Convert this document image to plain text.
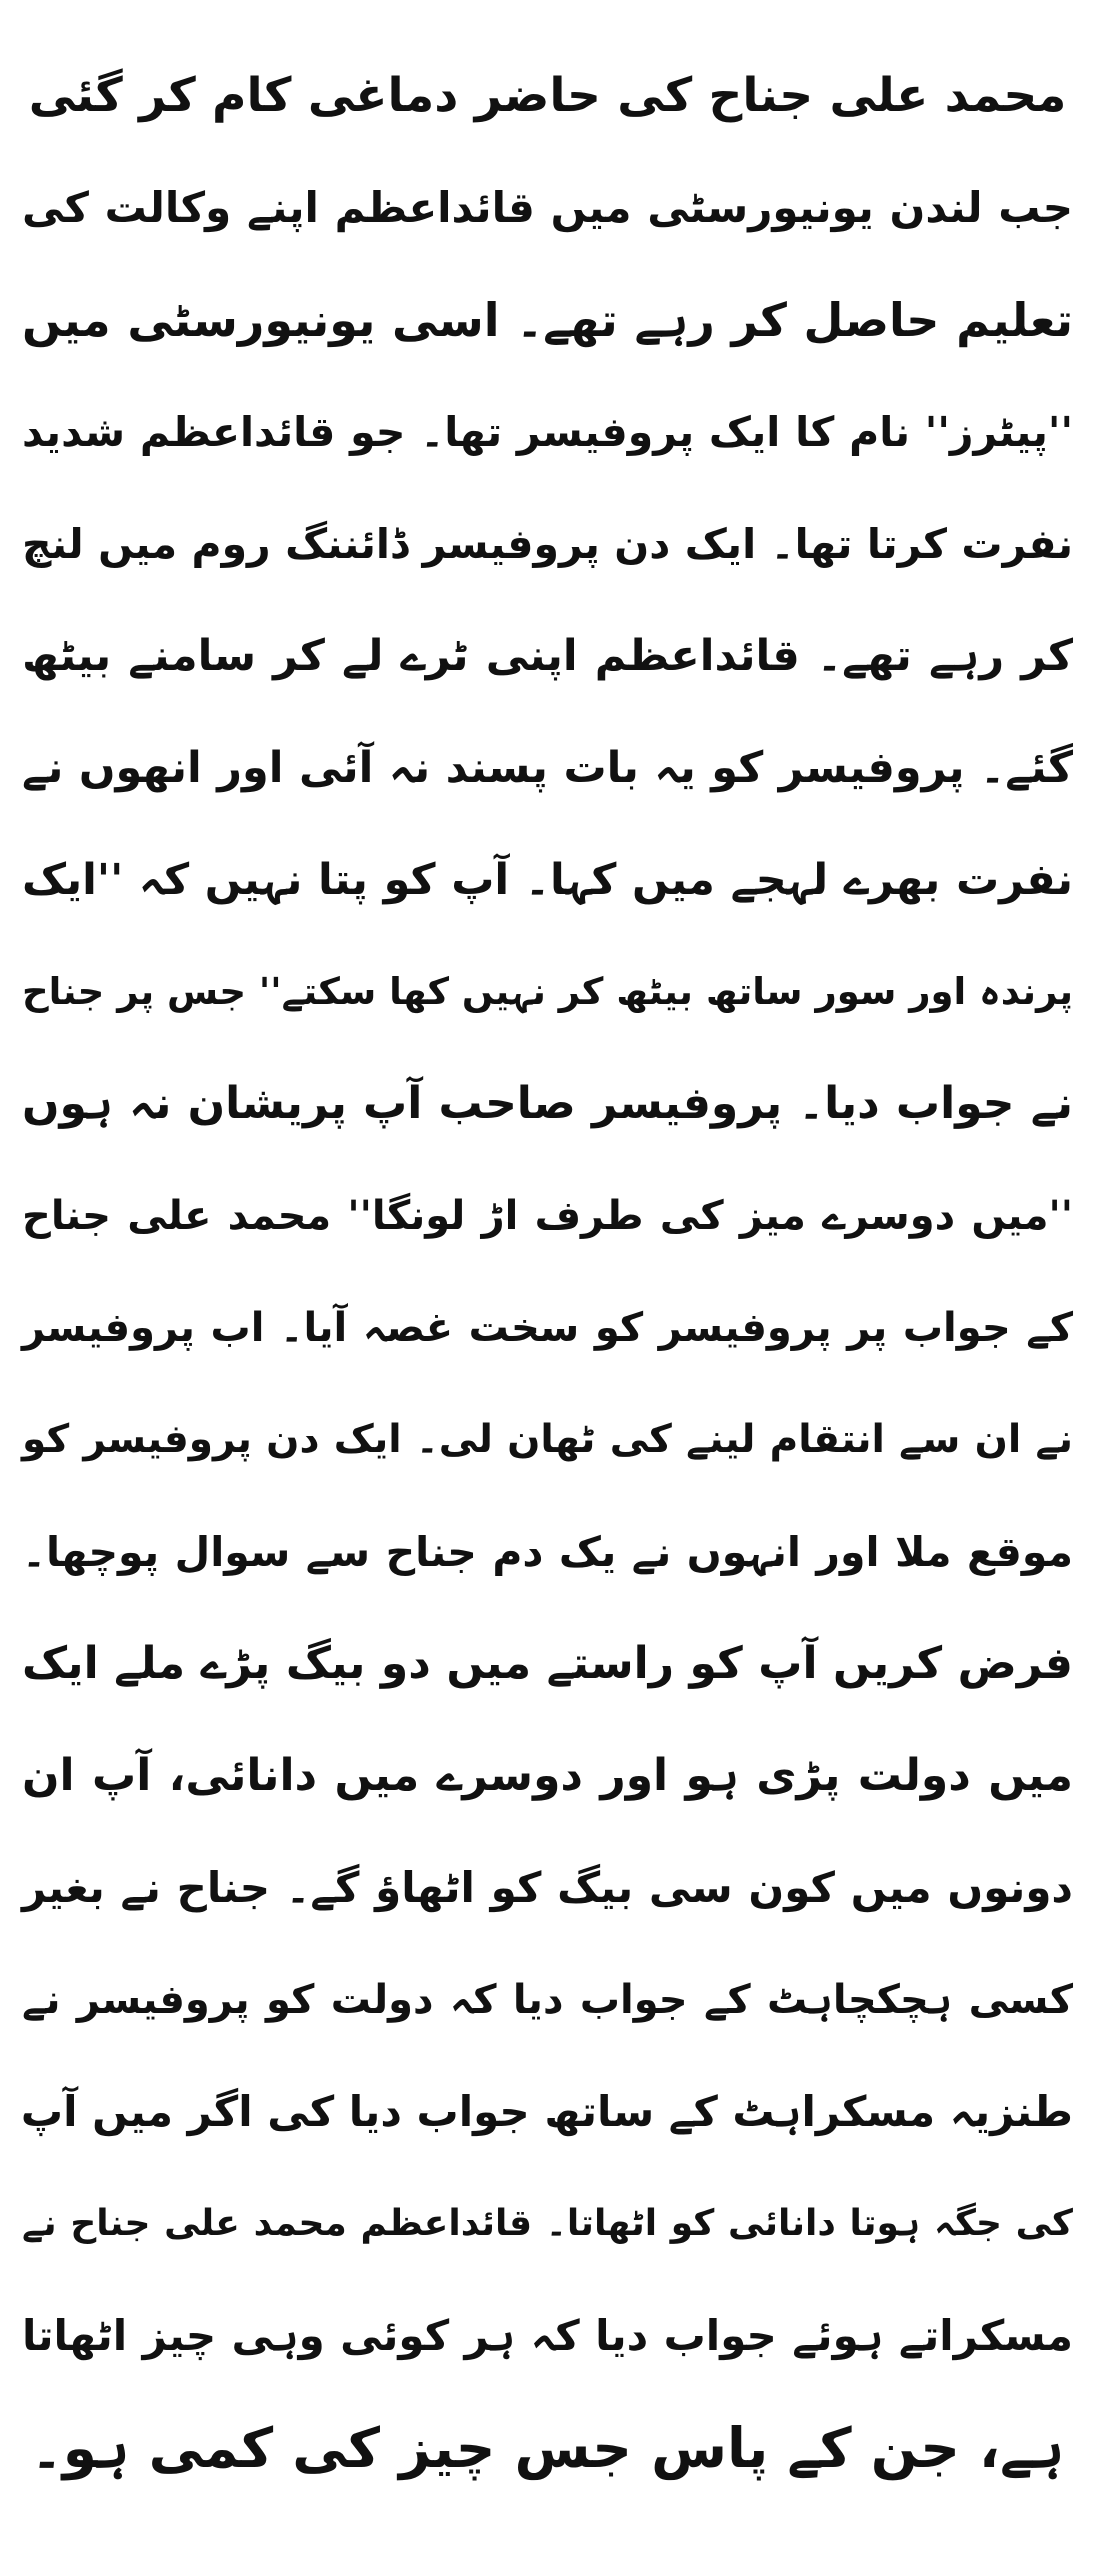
محمد علی جناح کی حاضر دماغی کام کر گئی

جب لندن یونیورسٹی میں قائداعظم اپنے وکالت کی

تعلیم حاصل کر رہے تھے۔ اسی یونیورسٹی میں

''پیٹرز'' نام کا ایک پروفیسر تھا۔ جو قائداعظم شدید

نفرت کرتا تھا۔ ایک دن پروفیسر ڈائننگ روم میں لنچ

کر رہے تھے۔ قائداعظم اپنی ٹرے لے کر سامنے بیٹھ

گئے۔ پروفیسر کو یہ بات پسند نہ آئی اور انھوں نے

نفرت بھرے لہجے میں کہا۔ آپ کو پتا نہیں کہ ''ایک

پرندہ اور سور ساتھ بیٹھ کر نہیں کھا سکتے'' جس پر جناح

نے جواب دیا۔ پروفیسر صاحب آپ پریشان نہ ہوں

''میں دوسرے میز کی طرف اڑ لونگا'' محمد علی جناح

کے جواب پر پروفیسر کو سخت غصہ آیا۔ اب پروفیسر

نے ان سے انتقام لینے کی ٹھان لی۔ ایک دن پروفیسر کو

موقع ملا اور انہوں نے یک دم جناح سے سوال پوچھا۔

فرض کریں آپ کو راستے میں دو بیگ پڑے ملے ایک

میں دولت پڑی ہو اور دوسرے میں دانائی، آپ ان

دونوں میں کون سی بیگ کو اٹھاؤ گے۔ جناح نے بغیر

کسی ہچکچاہٹ کے جواب دیا کہ دولت کو پروفیسر نے

طنزیہ مسکراہٹ کے ساتھ جواب دیا کی اگر میں آپ

کی جگہ ہوتا دانائی کو اٹھاتا۔ قائداعظم محمد علی جناح نے

مسکراتے ہوئے جواب دیا کہ ہر کوئی وہی چیز اٹھاتا

ہے، جن کے پاس جس چیز کی کمی ہو۔
